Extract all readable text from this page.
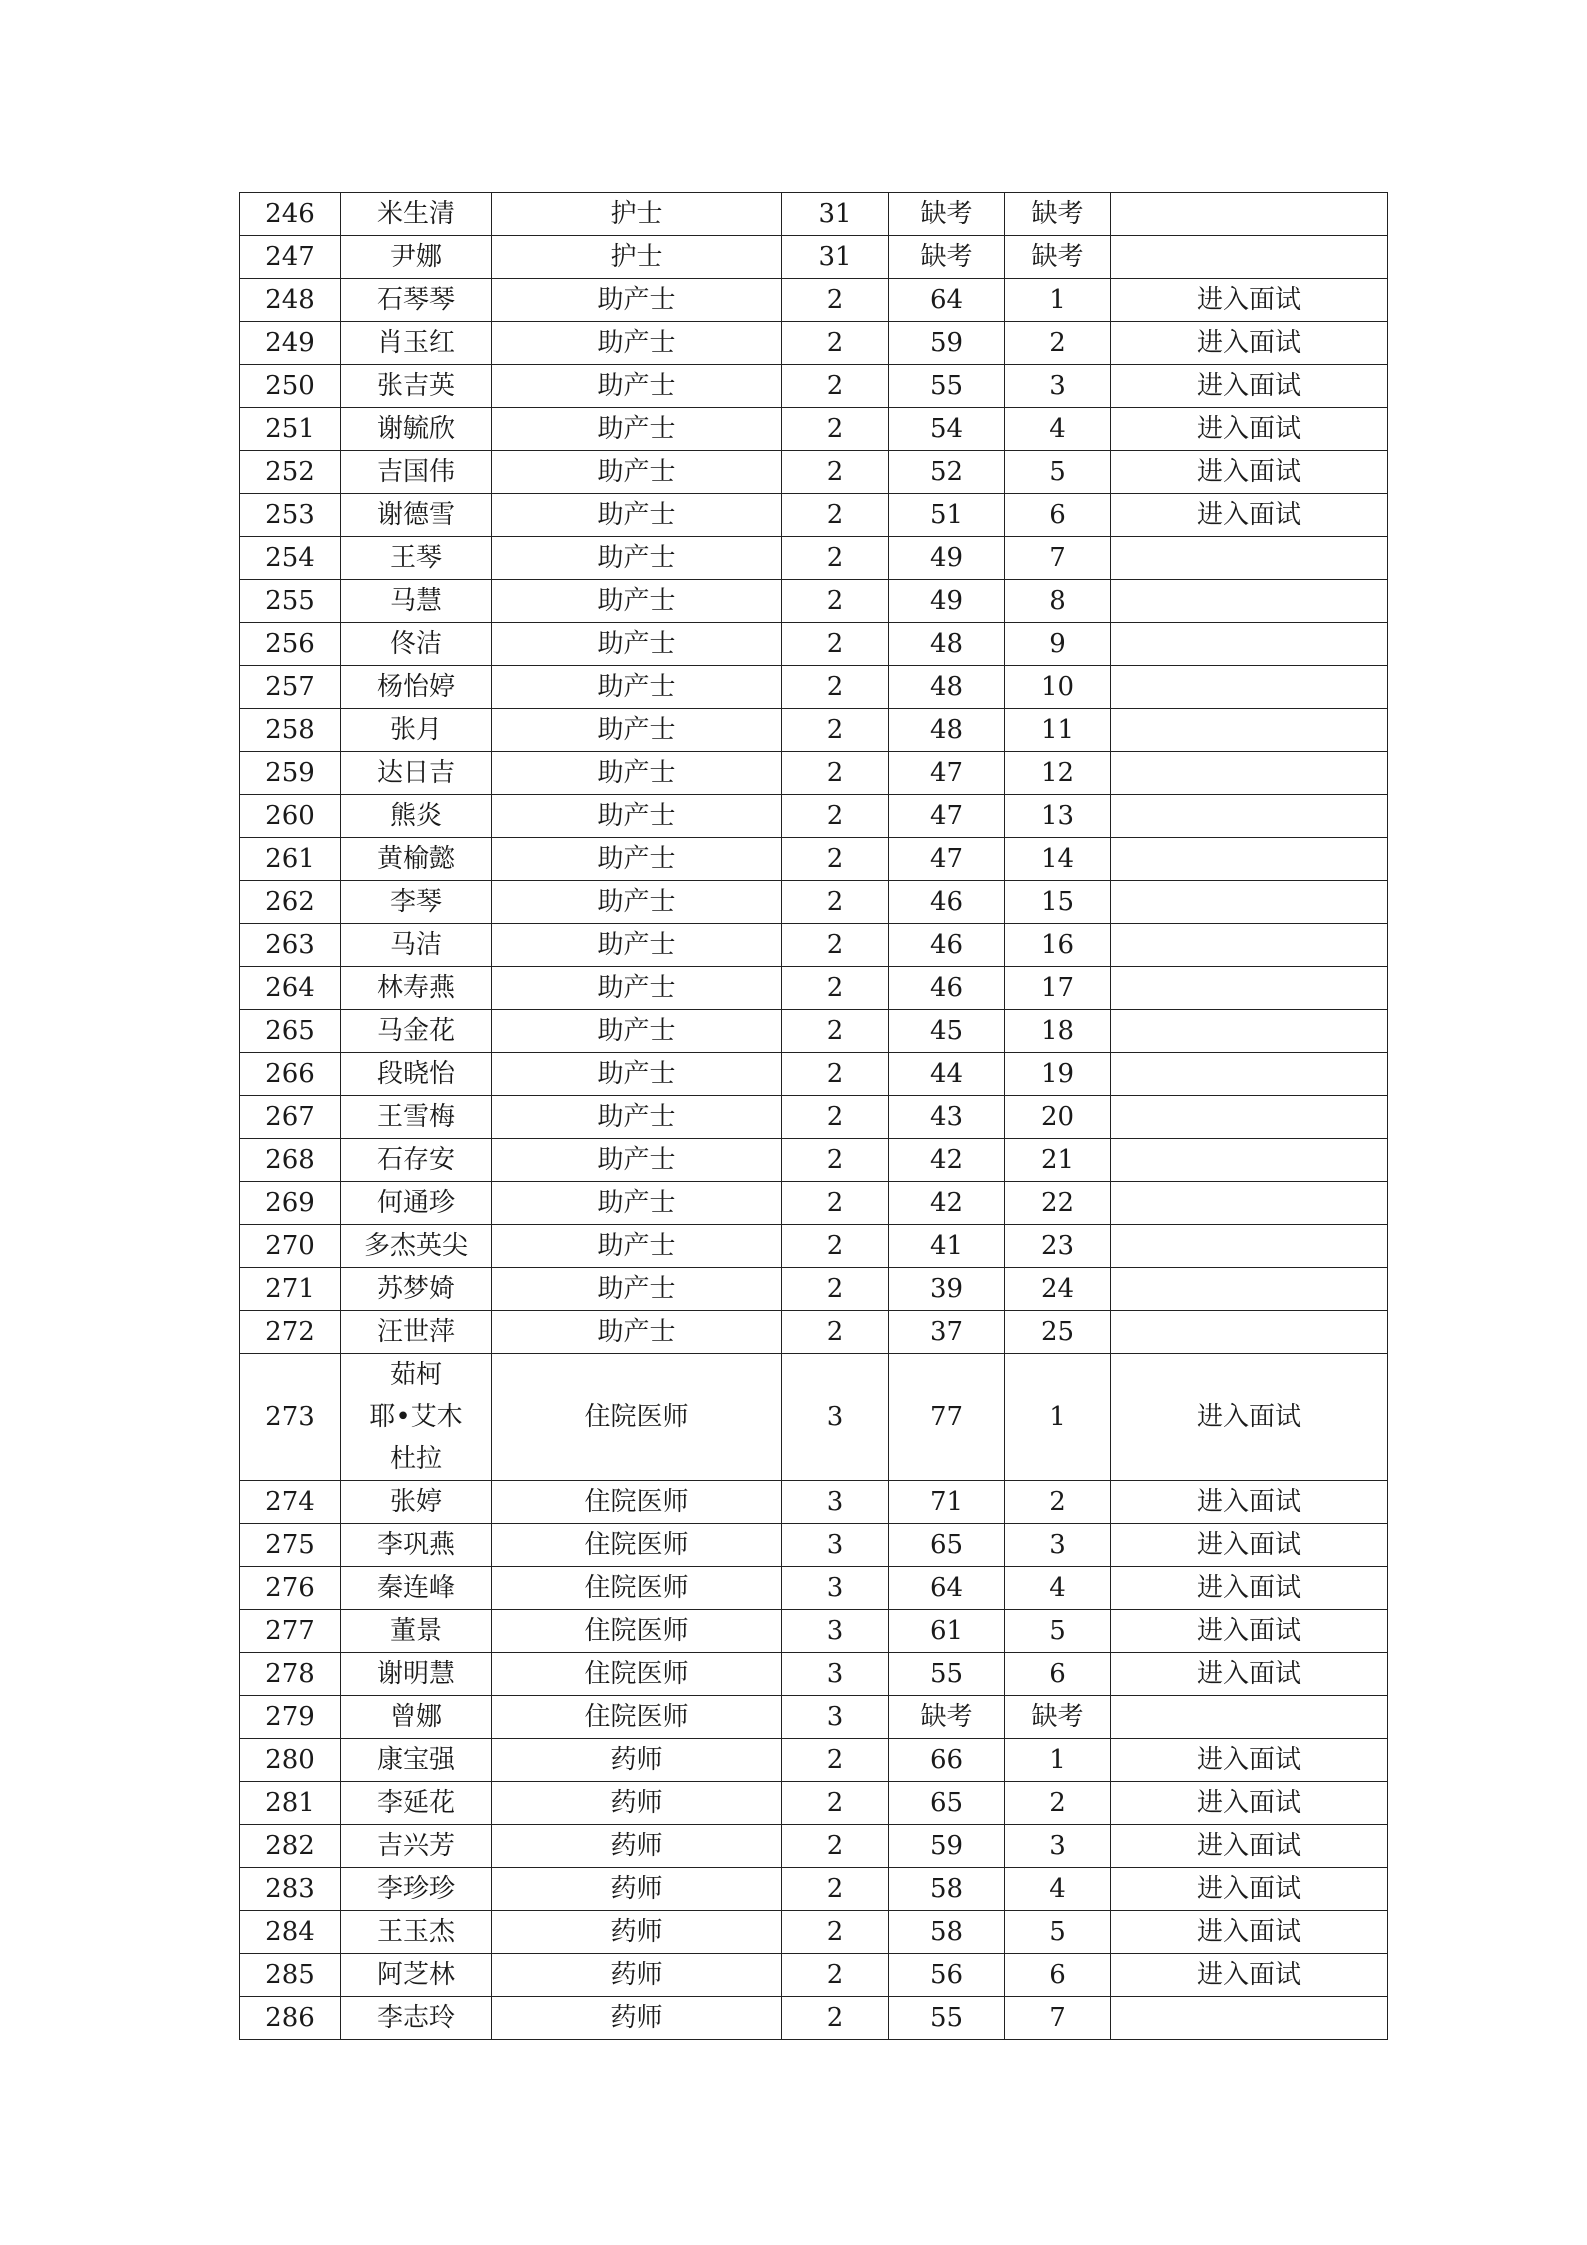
246	米生清	护士	31	缺考	缺考	
247	尹娜	护士	31	缺考	缺考	
248	石琴琴	助产士	2	64	1	进入面试
249	肖玉红	助产士	2	59	2	进入面试
250	张吉英	助产士	2	55	3	进入面试
251	谢毓欣	助产士	2	54	4	进入面试
252	吉国伟	助产士	2	52	5	进入面试
253	谢德雪	助产士	2	51	6	进入面试
254	王琴	助产士	2	49	7	
255	马慧	助产士	2	49	8	
256	佟洁	助产士	2	48	9	
257	杨怡婷	助产士	2	48	10	
258	张月	助产士	2	48	11	
259	达日吉	助产士	2	47	12	
260	熊炎	助产士	2	47	13	
261	黄榆懿	助产士	2	47	14	
262	李琴	助产士	2	46	15	
263	马洁	助产士	2	46	16	
264	林寿燕	助产士	2	46	17	
265	马金花	助产士	2	45	18	
266	段晓怡	助产士	2	44	19	
267	王雪梅	助产士	2	43	20	
268	石存安	助产士	2	42	21	
269	何通珍	助产士	2	42	22	
270	多杰英尖	助产士	2	41	23	
271	苏梦婍	助产士	2	39	24	
272	汪世萍	助产士	2	37	25	
273	茹柯
耶•艾木
杜拉	住院医师	3	77	1	进入面试
274	张婷	住院医师	3	71	2	进入面试
275	李巩燕	住院医师	3	65	3	进入面试
276	秦连峰	住院医师	3	64	4	进入面试
277	董景	住院医师	3	61	5	进入面试
278	谢明慧	住院医师	3	55	6	进入面试
279	曾娜	住院医师	3	缺考	缺考	
280	康宝强	药师	2	66	1	进入面试
281	李延花	药师	2	65	2	进入面试
282	吉兴芳	药师	2	59	3	进入面试
283	李珍珍	药师	2	58	4	进入面试
284	王玉杰	药师	2	58	5	进入面试
285	阿芝林	药师	2	56	6	进入面试
286	李志玲	药师	2	55	7	
